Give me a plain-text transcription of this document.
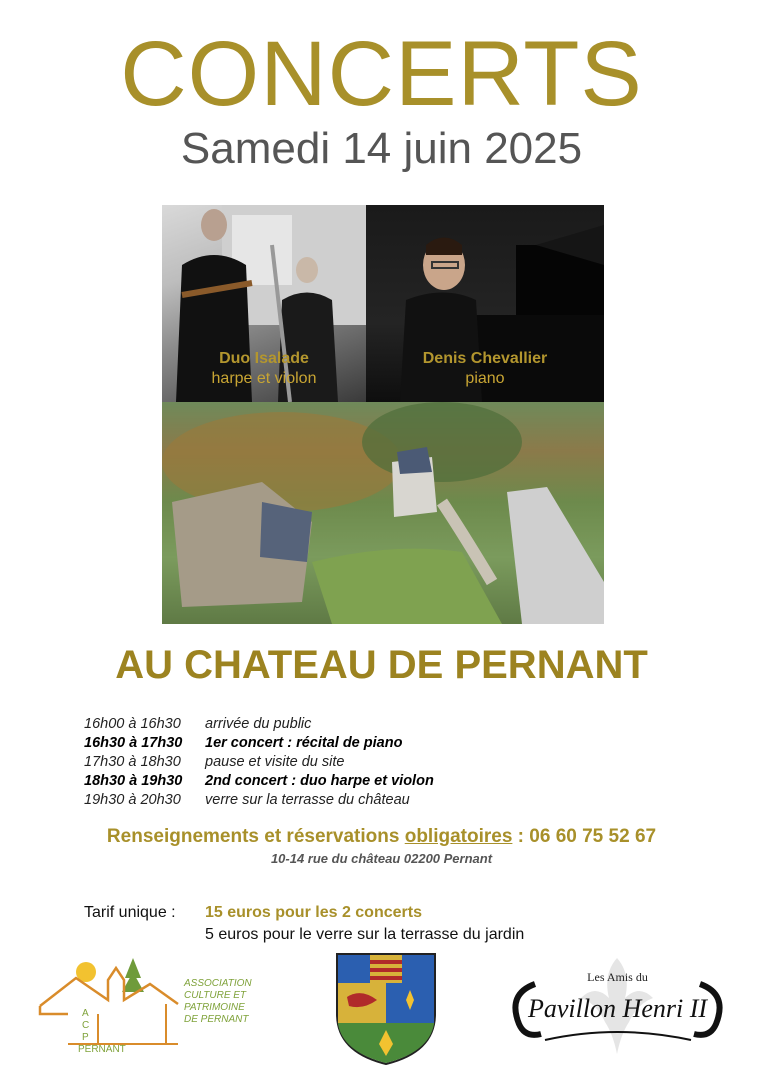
CONCERTS
Samedi 14 juin 2025
Duo Isalade
harpe et violon
Denis Chevallier
piano
AU CHATEAU DE PERNANT
16h00 à 16h30	arrivée du public
16h30 à 17h30	1er concert : récital de piano
17h30 à 18h30	pause et visite du site
18h30 à 19h30	2nd concert : duo harpe et violon
19h30 à 20h30	verre sur la terrasse du château
Renseignements et réservations obligatoires : 06 60 75 52 67
10-14 rue du château 02200 Pernant
Tarif unique : 15 euros pour les 2 concerts
5 euros pour le verre sur la terrasse du jardin
A
C
P
ASSOCIATION
CULTURE ET
PATRIMOINE
DE PERNANT
PERNANT
Les Amis du
Pavillon Henri II
